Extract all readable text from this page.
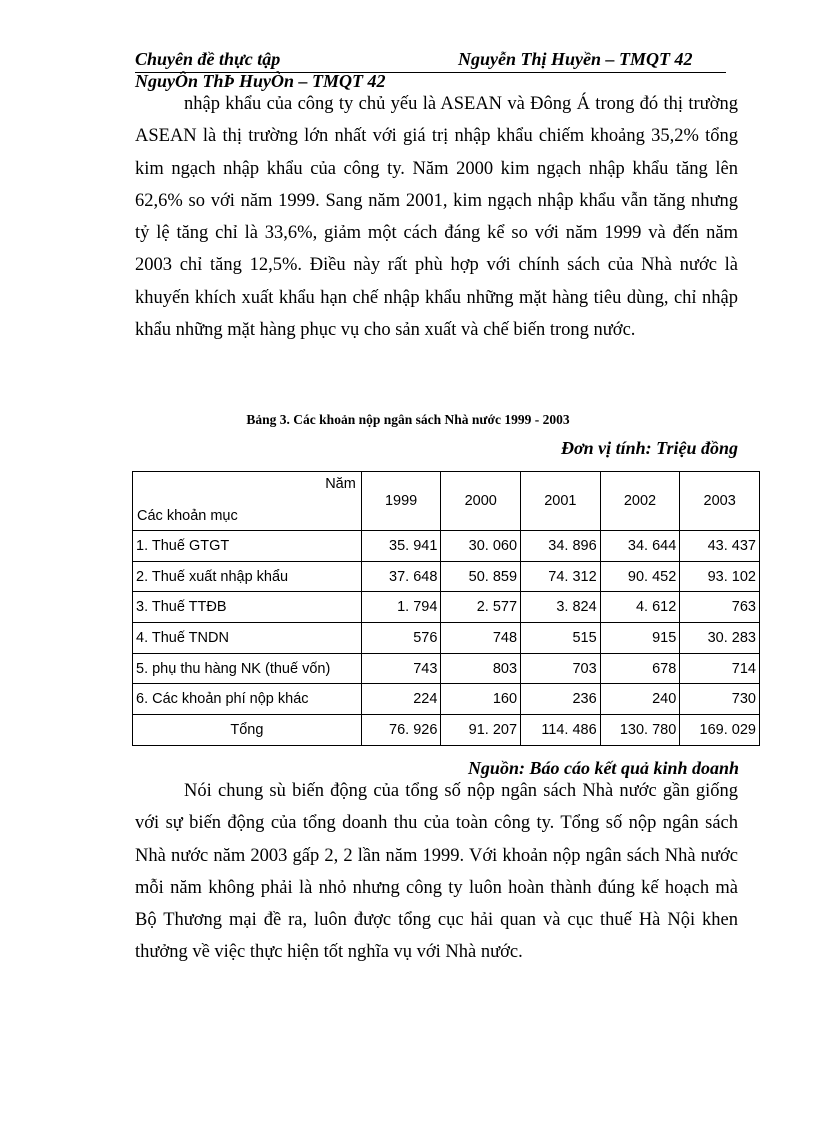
Chuyên đề thực tập	Nguyễn Thị Huyền – TMQT 42
NguyÔn ThÞ HuyÒn – TMQT 42

nhập khẩu của công ty chủ yếu là ASEAN và Đông Á trong đó thị trường ASEAN là thị trường lớn nhất với giá trị nhập khẩu chiếm khoảng 35,2% tổng kim ngạch nhập khẩu của công ty. Năm 2000 kim ngạch nhập khẩu tăng lên 62,6% so với năm 1999. Sang năm 2001, kim ngạch nhập khẩu vẫn tăng nhưng tỷ lệ tăng chỉ là 33,6%, giảm một cách đáng kể so với năm 1999 và đến năm 2003 chỉ tăng 12,5%. Điều này rất phù hợp với chính sách của Nhà nước là khuyến khích xuất khẩu hạn chế nhập khẩu những mặt hàng tiêu dùng, chỉ nhập khẩu những mặt hàng phục vụ cho sản xuất và chế biến trong nước.

Bảng 3. Các khoản nộp ngân sách Nhà nước 1999 - 2003
Đơn vị tính: Triệu đồng
Năm
Các khoản mục	1999	2000	2001	2002	2003
1. Thuế GTGT	35. 941	30. 060	34. 896	34. 644	43. 437
2. Thuế xuất nhập khẩu	37. 648	50. 859	74. 312	90. 452	93. 102
3. Thuế TTĐB	1. 794	2. 577	3. 824	4. 612	763
4. Thuế TNDN	576	748	515	915	30. 283
5. phụ thu hàng NK (thuế vốn)	743	803	703	678	714
6. Các khoản phí nộp khác	224	160	236	240	730
Tổng	76. 926	91. 207	114. 486	130. 780	169. 029
Nguồn: Báo cáo kết quả kinh doanh

Nói chung sù biến động của tổng số nộp ngân sách Nhà nước gần giống với sự biến động của tổng doanh thu của toàn công ty. Tổng số nộp ngân sách Nhà nước năm 2003 gấp 2, 2 lần năm 1999. Với khoản nộp ngân sách Nhà nước mỗi năm không phải là nhỏ nhưng công ty luôn hoàn thành đúng kế hoạch mà Bộ Thương mại đề ra, luôn được tổng cục hải quan và cục thuế Hà Nội khen thưởng về việc thực hiện tốt nghĩa vụ với Nhà nước.
